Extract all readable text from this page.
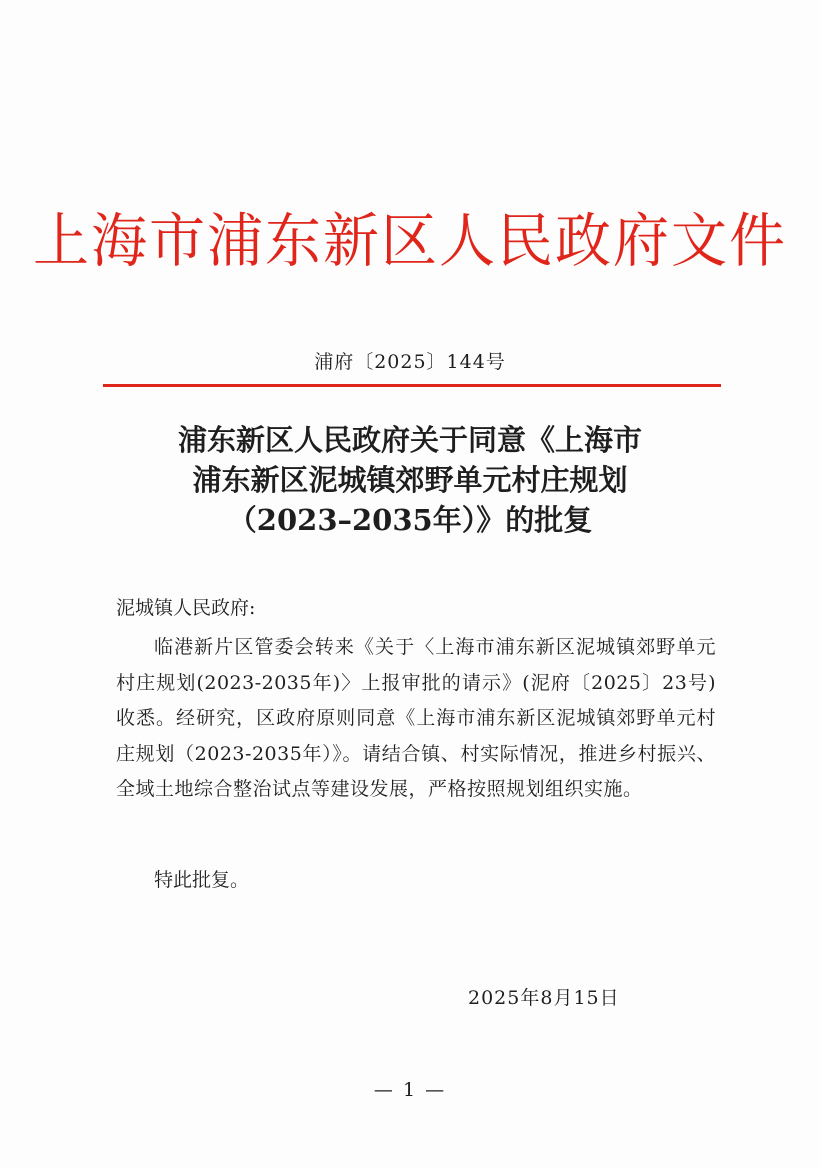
上海市浦东新区人民政府文件
浦府〔2025〕144号
浦东新区人民政府关于同意《上海市
浦东新区泥城镇郊野单元村庄规划
（2023–2035年）》的批复
泥城镇人民政府:
临港新片区管委会转来《关于〈上海市浦东新区泥城镇郊野单元村庄规划(2023-2035年)〉上报审批的请示》(泥府〔2025〕23号)收悉。经研究，区政府原则同意《上海市浦东新区泥城镇郊野单元村庄规划（2023-2035年）》。请结合镇、村实际情况，推进乡村振兴、全域土地综合整治试点等建设发展，严格按照规划组织实施。
特此批复。
2025年8月15日
— 1 —
